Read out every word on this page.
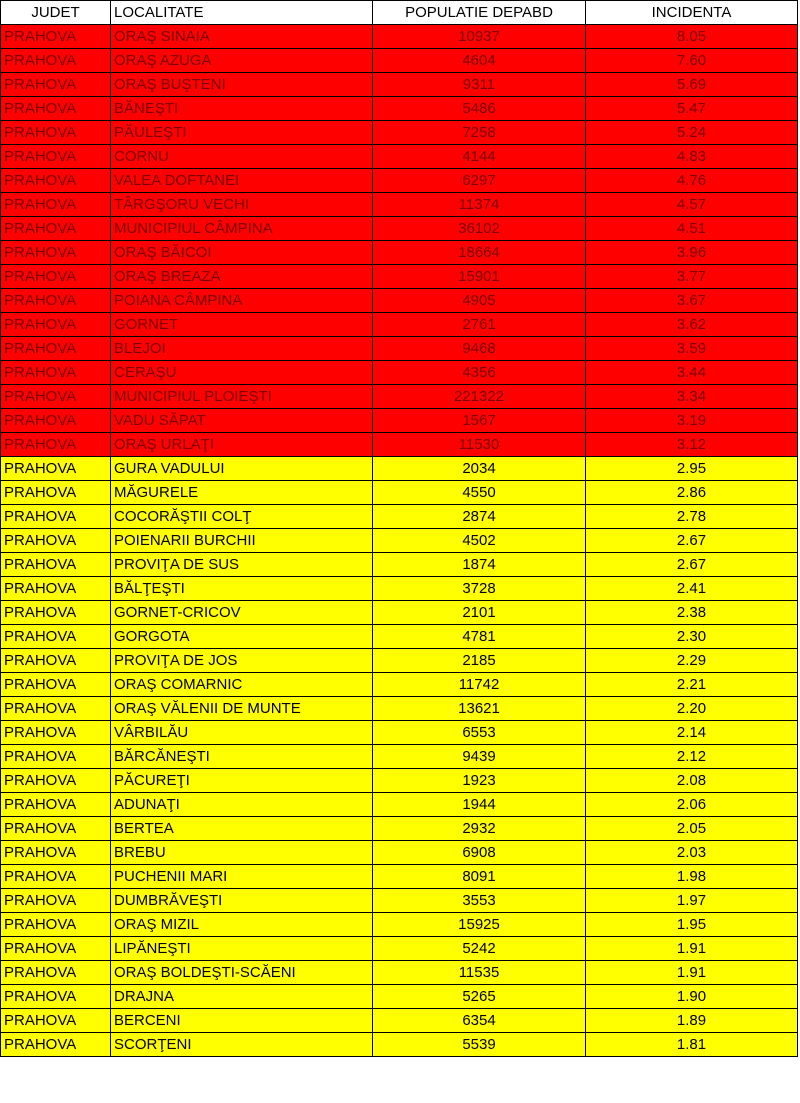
JUDET	LOCALITATE	POPULATIE DEPABD	INCIDENTA
PRAHOVA	ORAŞ SINAIA	10937	8.05
PRAHOVA	ORAŞ AZUGA	4604	7.60
PRAHOVA	ORAŞ BUŞTENI	9311	5.69
PRAHOVA	BĂNEŞTI	5486	5.47
PRAHOVA	PĂULEŞTI	7258	5.24
PRAHOVA	CORNU	4144	4.83
PRAHOVA	VALEA DOFTANEI	6297	4.76
PRAHOVA	TÂRGŞORU VECHI	11374	4.57
PRAHOVA	MUNICIPIUL CÂMPINA	36102	4.51
PRAHOVA	ORAŞ BĂICOI	18664	3.96
PRAHOVA	ORAŞ BREAZA	15901	3.77
PRAHOVA	POIANA CÂMPINA	4905	3.67
PRAHOVA	GORNET	2761	3.62
PRAHOVA	BLEJOI	9468	3.59
PRAHOVA	CERAŞU	4356	3.44
PRAHOVA	MUNICIPIUL PLOIEŞTI	221322	3.34
PRAHOVA	VADU SĂPAT	1567	3.19
PRAHOVA	ORAŞ URLAŢI	11530	3.12
PRAHOVA	GURA VADULUI	2034	2.95
PRAHOVA	MĂGURELE	4550	2.86
PRAHOVA	COCORĂŞTII COLŢ	2874	2.78
PRAHOVA	POIENARII BURCHII	4502	2.67
PRAHOVA	PROVIŢA DE SUS	1874	2.67
PRAHOVA	BĂLŢEŞTI	3728	2.41
PRAHOVA	GORNET-CRICOV	2101	2.38
PRAHOVA	GORGOTA	4781	2.30
PRAHOVA	PROVIŢA DE JOS	2185	2.29
PRAHOVA	ORAŞ COMARNIC	11742	2.21
PRAHOVA	ORAŞ VĂLENII DE MUNTE	13621	2.20
PRAHOVA	VÂRBILĂU	6553	2.14
PRAHOVA	BĂRCĂNEŞTI	9439	2.12
PRAHOVA	PĂCUREŢI	1923	2.08
PRAHOVA	ADUNAŢI	1944	2.06
PRAHOVA	BERTEA	2932	2.05
PRAHOVA	BREBU	6908	2.03
PRAHOVA	PUCHENII MARI	8091	1.98
PRAHOVA	DUMBRĂVEŞTI	3553	1.97
PRAHOVA	ORAŞ MIZIL	15925	1.95
PRAHOVA	LIPĂNEŞTI	5242	1.91
PRAHOVA	ORAŞ BOLDEŞTI-SCĂENI	11535	1.91
PRAHOVA	DRAJNA	5265	1.90
PRAHOVA	BERCENI	6354	1.89
PRAHOVA	SCORŢENI	5539	1.81
